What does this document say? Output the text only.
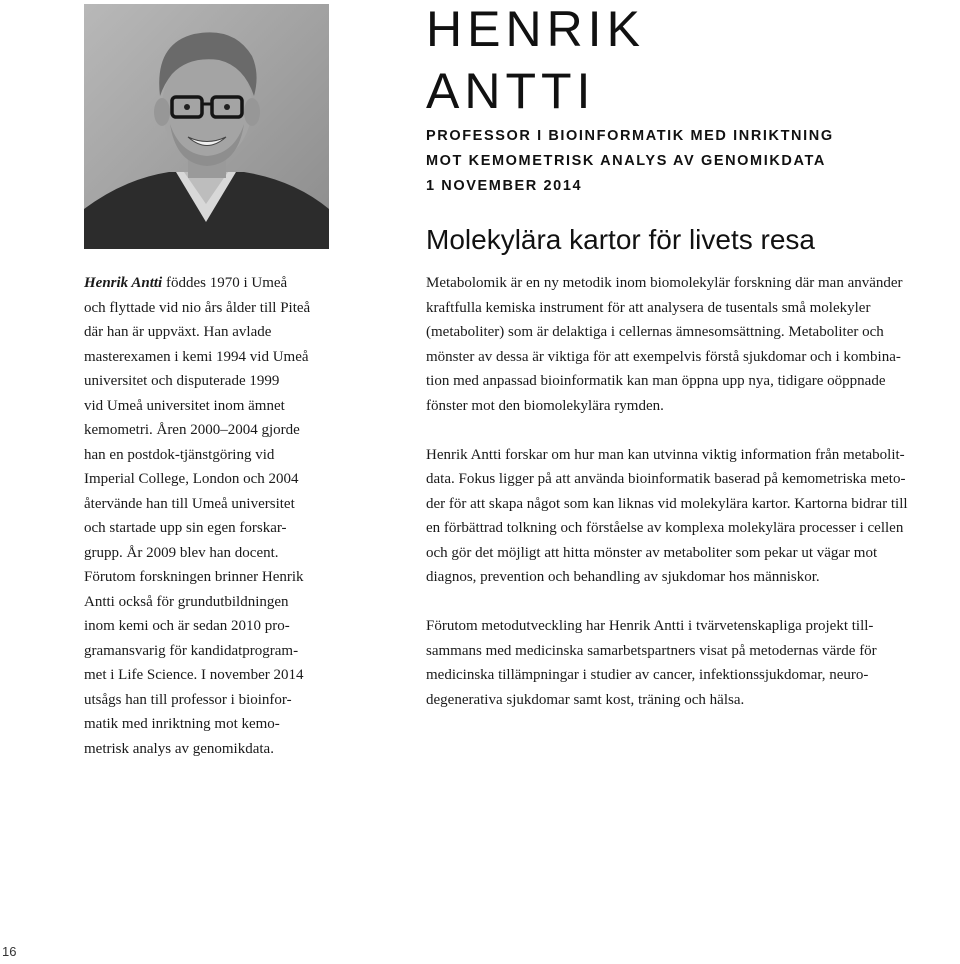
HENRIK
ANTTI
PROFESSOR I BIOINFORMATIK MED INRIKTNING
MOT KEMOMETRISK ANALYS AV GENOMIKDATA
1 NOVEMBER 2014
Molekylära kartor för livets resa
Henrik Antti föddes 1970 i Umeå
och flyttade vid nio års ålder till Piteå
där han är uppväxt. Han avlade
masterexamen i kemi 1994 vid Umeå
universitet och disputerade 1999
vid Umeå universitet inom ämnet
kemometri. Åren 2000–2004 gjorde
han en postdok-tjänstgöring vid
Imperial College, London och 2004
återvände han till Umeå universitet
och startade upp sin egen forskar-
grupp. År 2009 blev han docent.
Förutom forskningen brinner Henrik
Antti också för grundutbildningen
inom kemi och är sedan 2010 pro-
gramansvarig för kandidatprogram-
met i Life Science. I november 2014
utsågs han till professor i bioinfor-
matik med inriktning mot kemo-
metrisk analys av genomikdata.
Metabolomik är en ny metodik inom biomolekylär forskning där man använder
kraftfulla kemiska instrument för att analysera de tusentals små molekyler
(metaboliter) som är delaktiga i cellernas ämnesomsättning. Metaboliter och
mönster av dessa är viktiga för att exempelvis förstå sjukdomar och i kombina-
tion med anpassad bioinformatik kan man öppna upp nya, tidigare oöppnade
fönster mot den biomolekylära rymden.
Henrik Antti forskar om hur man kan utvinna viktig information från metabolit-
data. Fokus ligger på att använda bioinformatik baserad på kemometriska meto-
der för att skapa något som kan liknas vid molekylära kartor. Kartorna bidrar till
en förbättrad tolkning och förståelse av komplexa molekylära processer i cellen
och gör det möjligt att hitta mönster av metaboliter som pekar ut vägar mot
diagnos, prevention och behandling av sjukdomar hos människor.
Förutom metodutveckling har Henrik Antti i tvärvetenskapliga projekt till-
sammans med medicinska samarbetspartners visat på metodernas värde för
medicinska tillämpningar i studier av cancer, infektionssjukdomar, neuro-
degenerativa sjukdomar samt kost, träning och hälsa.
16
